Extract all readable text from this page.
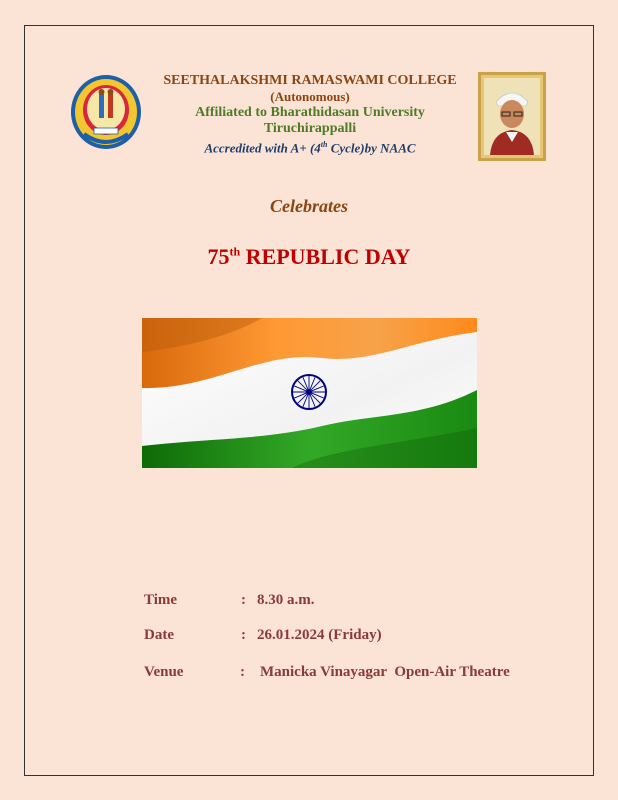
SEETHALAKSHMI RAMASWAMI COLLEGE
(Autonomous)
Affiliated to Bharathidasan University
Tiruchirappalli
Accredited with A+ (4th Cycle)by NAAC
Celebrates
75th REPUBLIC DAY
Time	: 8.30 a.m.
Date	: 26.01.2024 (Friday)
Venue	: Manicka Vinayagar  Open-Air Theatre
